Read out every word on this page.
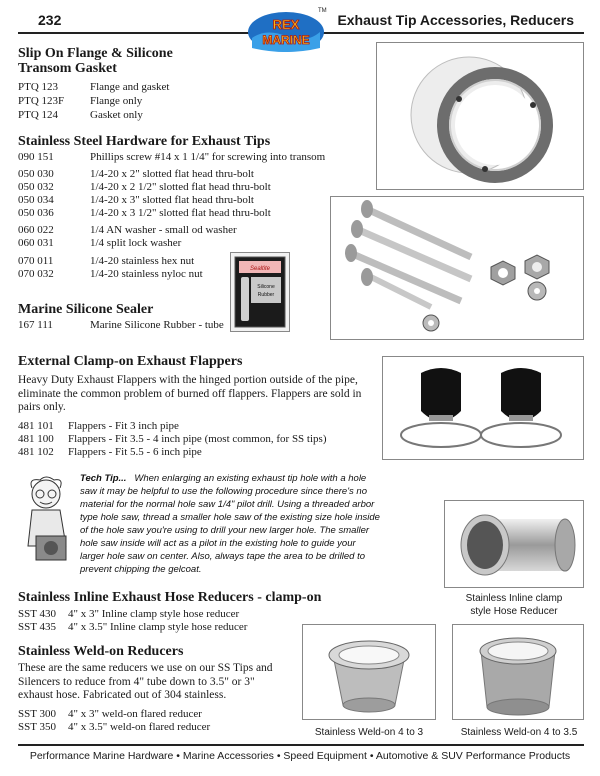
232	Exhaust Tip Accessories, Reducers
REX
MARINE
TM
Slip On Flange & Silicone
Transom Gasket
PTQ 123	Flange and gasket
PTQ 123F Flange only
PTQ 124	Gasket only
Stainless Steel Hardware for Exhaust Tips
090 151	Phillips screw #14 x 1 1/4" for screwing into transom
050 030	1/4-20 x 2" slotted flat head thru-bolt
050 032	1/4-20 x 2 1/2" slotted flat head thru-bolt
050 034	1/4-20 x 3" slotted flat head thru-bolt
050 036	1/4-20 x 3 1/2" slotted flat head thru-bolt
060 022	1/4 AN washer - small od washer
060 031	1/4 split lock washer
070 011	1/4-20 stainless hex nut
070 032	1/4-20 stainless nyloc nut	Sealtite
Silicone
Rubber
Marine Silicone Sealer
167 111	Marine Silicone Rubber - tube
External Clamp-on Exhaust Flappers
Heavy Duty Exhaust Flappers with the hinged portion outside of the pipe, eliminate the common problem of burned off flappers. Flappers are sold in pairs only.
481 101 Flappers - Fit 3 inch pipe
481 100 Flappers - Fit 3.5 - 4 inch pipe (most common, for SS tips)
481 102 Flappers - Fit 5.5 - 6 inch pipe
Tech Tip... When enlarging an existing exhaust tip hole with a hole saw it may be helpful to use the following procedure since there's no material for the normal hole saw 1/4" pilot drill. Using a threaded arbor type hole saw, thread a smaller hole saw of the existing size hole inside of the hole saw you're using to drill your new larger hole. The smaller hole saw inside will act as a pilot in the existing hole to guide your larger hole saw on center. Also, always tape the area to be drilled to prevent chipping the gelcoat.
Stainless Inline clamp
style Hose Reducer
Stainless Inline Exhaust Hose Reducers - clamp-on
SST 430 4" x 3" Inline clamp style hose reducer
SST 435 4" x 3.5" Inline clamp style hose reducer
Stainless Weld-on Reducers
These are the same reducers we use on our SS Tips and Silencers to reduce from 4" tube down to 3.5" or 3" exhaust hose. Fabricated out of 304 stainless.
SST 300 4" x 3" weld-on flared reducer
SST 350 4" x 3.5" weld-on flared reducer	Stainless Weld-on 4 to 3	Stainless Weld-on 4 to 3.5
Performance Marine Hardware • Marine Accessories • Speed Equipment • Automotive & SUV Performance Products
